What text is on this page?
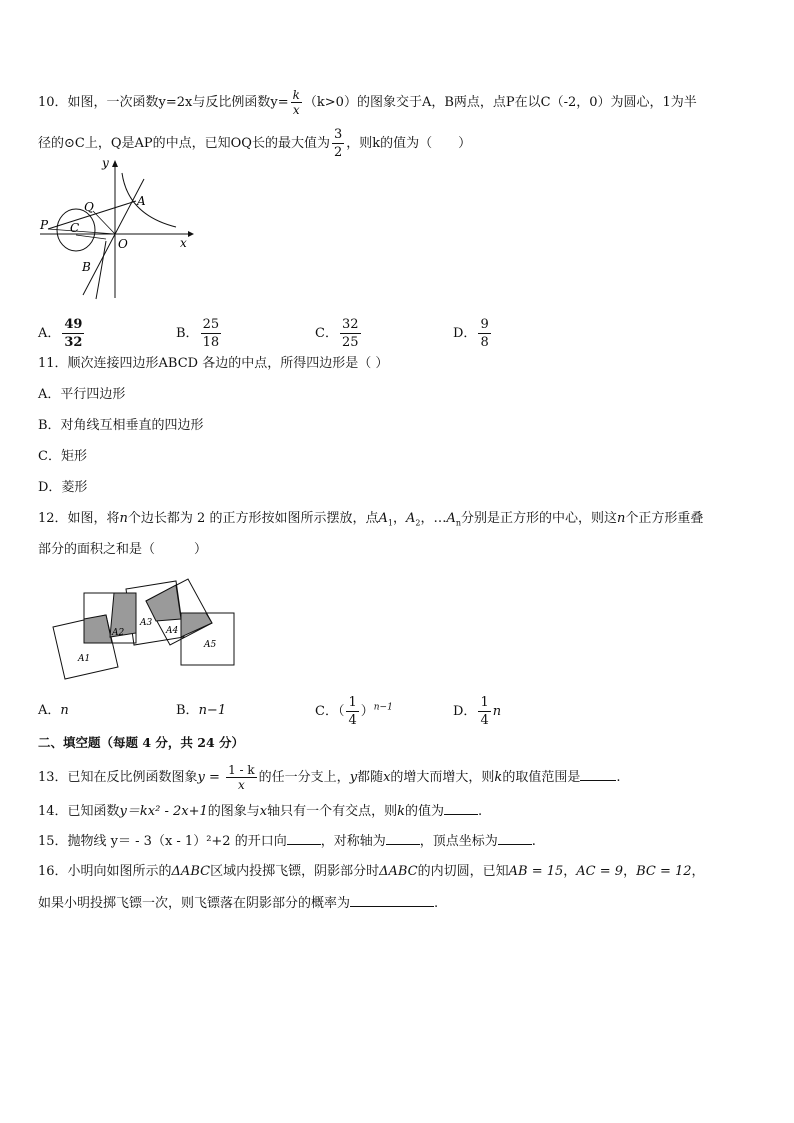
10．如图，一次函数y=2x与反比例函数$y= \frac{k}{x} (k>0)$的图象交于A，B两点，点P在以C（-2，0）为圆心，1为半
径的⊙C上，Q是AP的中点，已知OQ长的最大值为 $\frac{3}{2}$ ，则k的值为（　　）
y
x
O
A
B
P
Q
C
A． $\frac{49}{32}$	B． $\frac{25}{18}$	C． $\frac{32}{25}$	D． $\frac{9}{8}$
11．顺次连接四边形ABCD 各边的中点，所得四边形是（ ）
A．平行四边形
B．对角线互相垂直的四边形
C．矩形
D．菱形
12．如图，将n个边长都为 2 的正方形按如图所示摆放，点$A_1$，$A_2$，$\dots A_n$分别是正方形的中心，则这n个正方形重叠
部分的面积之和是（　　　）
A1
A2
A3
A4
A5
A．n	B．n−1	C．（ $\frac{1}{4} )^{n-1}$	D． $\frac{1}{4}$ n
二、填空题（每题 4 分，共 24 分）
13．已知在反比例函数图象$y = \frac{1 - k}{x}$ 的任一分支上，y都随x的增大而增大，则k的取值范围是	.
14．已知函数y＝kx² - 2x+1的图象与x轴只有一个有交点，则k的值为	.
15．抛物线 y＝ - 3（x - 1）²+2 的开口向	，对称轴为	，顶点坐标为	.
16．小明向如图所示的ΔABC区域内投掷飞镖，阴影部分时ΔABC的内切圆，已知AB = 15，AC = 9，BC = 12，
如果小明投掷飞镖一次，则飞镖落在阴影部分的概率为	.
